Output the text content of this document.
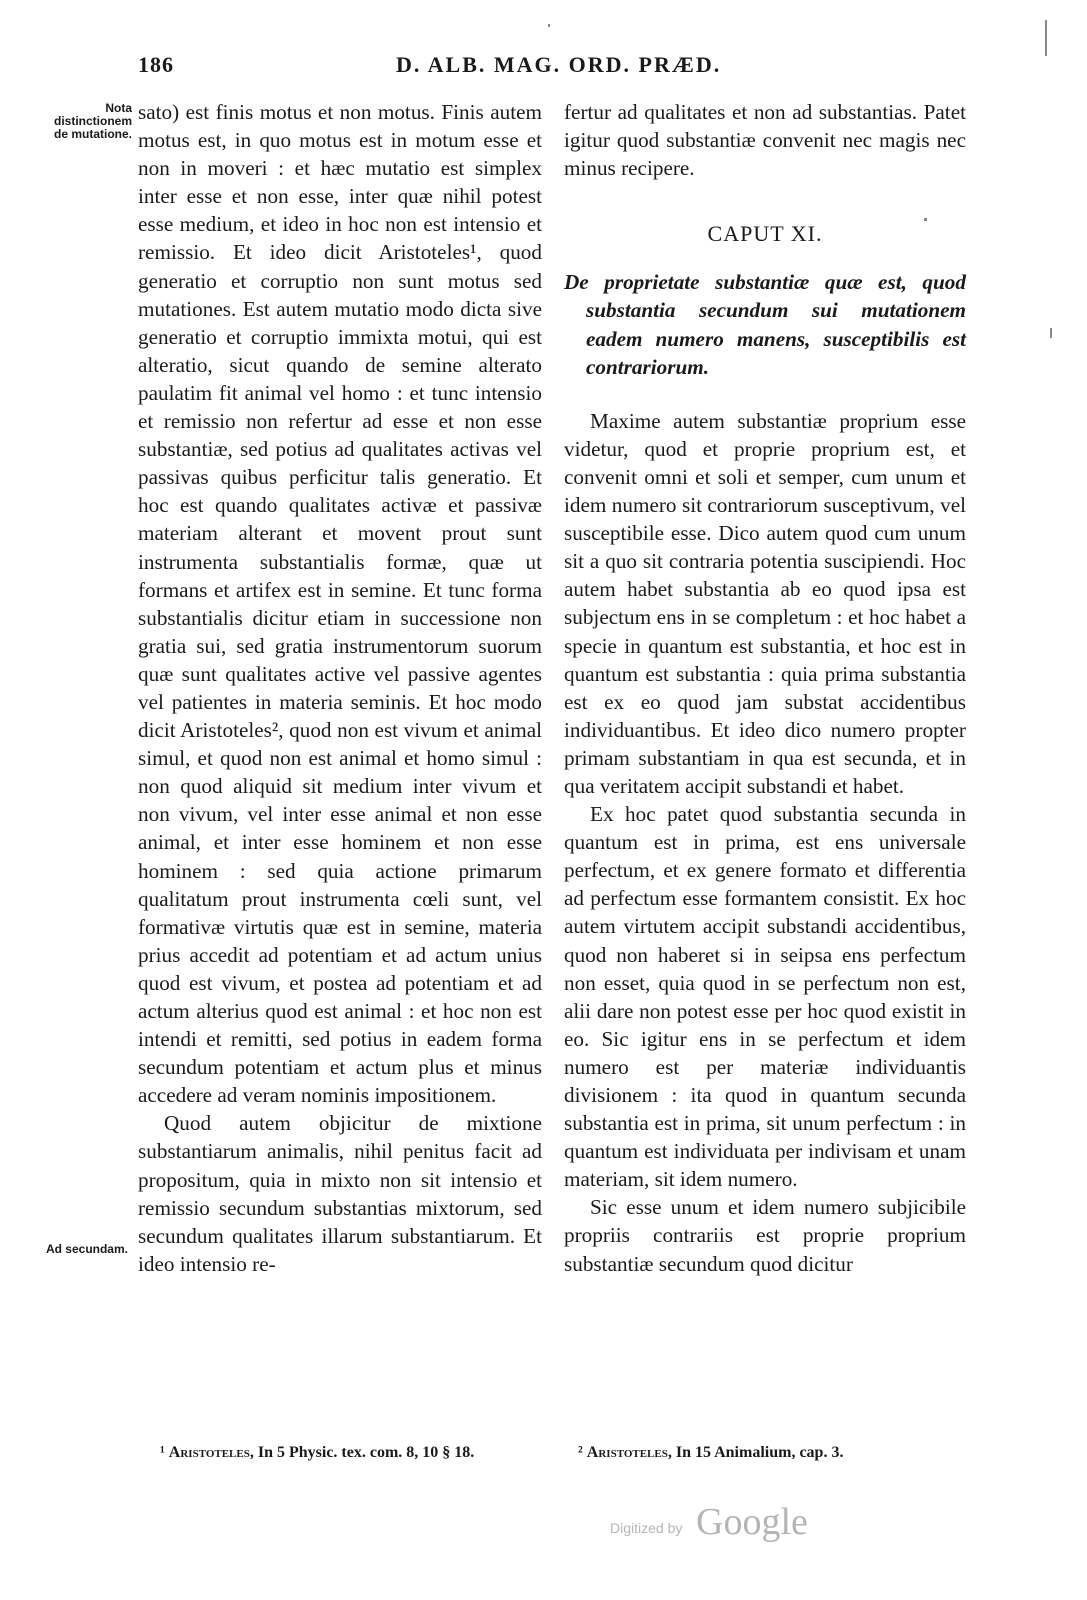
186	D. ALB. MAG. ORD. PRÆD.
Nota distinctionem de mutatione.
Ad secundam.

sato) est finis motus et non motus. Finis autem motus est, in quo motus est in motum esse et non in moveri : et hæc mutatio est simplex inter esse et non esse, inter quæ nihil potest esse medium, et ideo in hoc non est intensio et remissio. Et ideo dicit Aristoteles¹, quod generatio et corruptio non sunt motus sed mutationes. Est autem mutatio modo dicta sive generatio et corruptio immixta motui, qui est alteratio, sicut quando de semine alterato paulatim fit animal vel homo : et tunc intensio et remissio non refertur ad esse et non esse substantiæ, sed potius ad qualitates activas vel passivas quibus perficitur talis generatio. Et hoc est quando qualitates activæ et passivæ materiam alterant et movent prout sunt instrumenta substantialis formæ, quæ ut formans et artifex est in semine. Et tunc forma substantialis dicitur etiam in successione non gratia sui, sed gratia instrumentorum suorum quæ sunt qualitates active vel passive agentes vel patientes in materia seminis. Et hoc modo dicit Aristoteles², quod non est vivum et animal simul, et quod non est animal et homo simul : non quod aliquid sit medium inter vivum et non vivum, vel inter esse animal et non esse animal, et inter esse hominem et non esse hominem : sed quia actione primarum qualitatum prout instrumenta cœli sunt, vel formativæ virtutis quæ est in semine, materia prius accedit ad potentiam et ad actum unius quod est vivum, et postea ad potentiam et ad actum alterius quod est animal : et hoc non est intendi et remitti, sed potius in eadem forma secundum potentiam et actum plus et minus accedere ad veram nominis impositionem.

Quod autem objicitur de mixtione substantiarum animalis, nihil penitus facit ad propositum, quia in mixto non sit intensio et remissio secundum substantias mixtorum, sed secundum qualitates illarum substantiarum. Et ideo intensio re-

fertur ad qualitates et non ad substantias. Patet igitur quod substantiæ convenit nec magis nec minus recipere.

CAPUT XI.

De proprietate substantiæ quæ est, quod substantia secundum sui mutationem eadem numero manens, susceptibilis est contrariorum.

Maxime autem substantiæ proprium esse videtur, quod et proprie proprium est, et convenit omni et soli et semper, cum unum et idem numero sit contrariorum susceptivum, vel susceptibile esse. Dico autem quod cum unum sit a quo sit contraria potentia suscipiendi. Hoc autem habet substantia ab eo quod ipsa est subjectum ens in se completum : et hoc habet a specie in quantum est substantia, et hoc est in quantum est substantia : quia prima substantia est ex eo quod jam substat accidentibus individuantibus. Et ideo dico numero propter primam substantiam in qua est secunda, et in qua veritatem accipit substandi et habet.

Ex hoc patet quod substantia secunda in quantum est in prima, est ens universale perfectum, et ex genere formato et differentia ad perfectum esse formantem consistit. Ex hoc autem virtutem accipit substandi accidentibus, quod non haberet si in seipsa ens perfectum non esset, quia quod in se perfectum non est, alii dare non potest esse per hoc quod existit in eo. Sic igitur ens in se perfectum et idem numero est per materiæ individuantis divisionem : ita quod in quantum secunda substantia est in prima, sit unum perfectum : in quantum est individuata per indivisam et unam materiam, sit idem numero.

Sic esse unum et idem numero subjicibile propriis contrariis est proprie proprium substantiæ secundum quod dicitur

¹ Aristoteles, In 5 Physic. tex. com. 8, 10 § 18.	² Aristoteles, In 15 Animalium, cap. 3.
Digitized by Google
